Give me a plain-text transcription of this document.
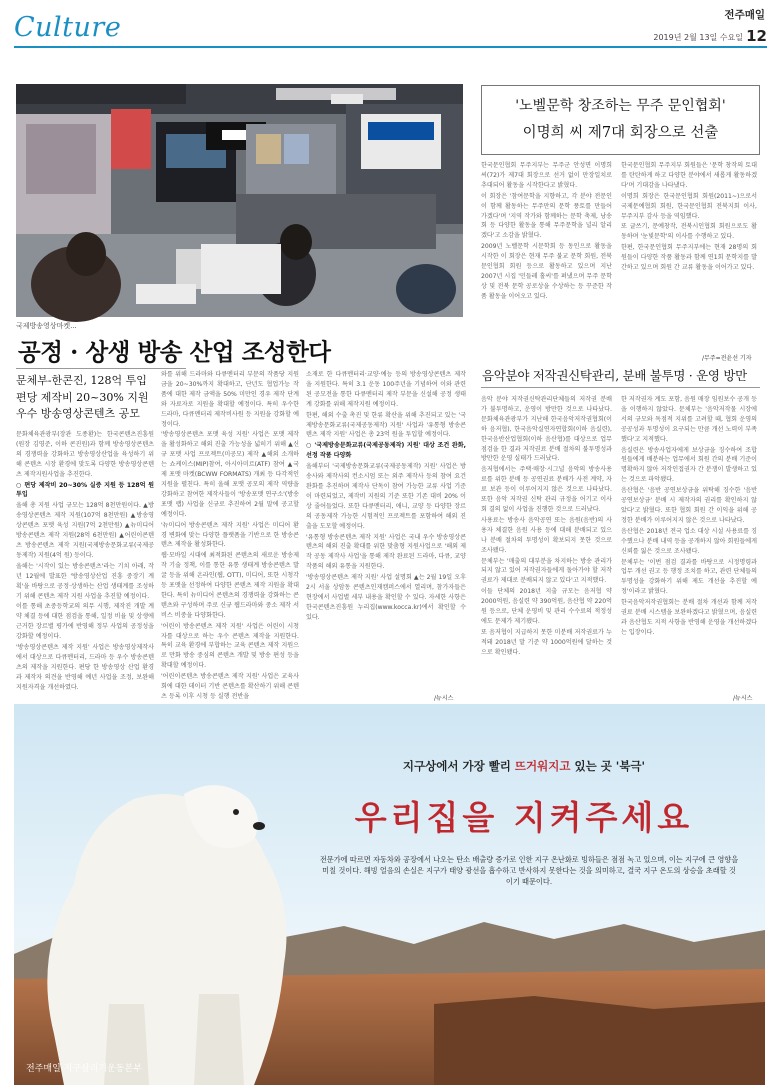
Culture	전주매일
2019년 2월 13일 수요일 12
국제방송영상마켓...
공정 · 상생 방송 산업 조성한다
문체부-한콘진, 128억 투입
편당 제작비 20~30% 지원
우수 방송영상콘텐츠 공모

문화체육관광부(장관 도종환)는 한국콘텐츠진흥원(원장 김영준, 이하 콘진원)과 함께 방송영상콘텐츠의 경쟁력을 강화하고 방송영상산업을 육성하기 위해 콘텐츠 시장 환경에 맞도록 다양한 방송영상콘텐츠 제작지원사업을 추진한다.

○ 편당 제작비 20~30% 실증 지원 등 128억 원 투입

올해 총 지원 사업 규모는 128억 8천만원이다. ▲방송영상콘텐츠 제작 지원(107억 8천만원) ▲방송영상콘텐츠 포맷 육성 지원(7억 2천만원) ▲뉴미디어 방송콘텐츠 제작 지원(28억 6천만원) ▲어린이콘텐츠 방송콘텐츠 제작 지원(국제방송문화교류(국제공동제작) 지원(4억 원) 등이다.

올해는 '시작이 있는 방송콘텐츠'라는 기치 아래, 작년 12월에 발표한 '방송영상산업 진흥 중장기 계획'을 바탕으로 공정·상생하는 산업 생태계를 조성하기 위해 콘텐츠 제작 지원 사업을 추진할 예정이다.

이를 통해 초중등학교의 의무 시행, 제작진 개발 계약 체결 등에 대한 점검을 통해, 일정 비율 및 상생에 근거한 장르별 평가에 반영해 정부 사업의 공정성을 강화할 예정이다.

'방송영상콘텐츠 제작 지원' 사업은 방송영상제작사에서 대상으로 다큐멘터리, 드라마 등 우수 방송콘텐츠의 제작을 지원한다. 편당 한 방송영상 산업 환경과 제작자 의견을 반영해 예년 사업을 조정, 보완해 지원자격을 개선하였다.

와를 위해 드라마와 다큐멘터리 부문의 작품당 지원금을 20~30%까지 확대하고, 단년도 협업가능 작품에 대한 제작 금액을 50% 미만인 경우 제작 단계와 자료자로 지원을 확대할 예정이다. 특히 우수한 드라마, 다큐멘터리 제작비사원 등 지원을 강화할 예정이다.

'방송영상콘텐츠 포맷 육성 지원' 사업은 포맷 제작을 활성화하고 해외 진출 가능성을 넓히기 위해 ▲신규 포맷 사업 프로젝트(미공모) 제작 ▲해외 소개하는 쇼케이스(MIP)참여, 아시아미르(ATF) 참여 ▲국제 포맷 마켓(BCWW FORMATS) 개최 등 다각적인 지원을 펼친다. 특히 올해 포맷 공모의 제작 역량을 강화하고 참여한 제작사들이 '방송포맷 연구소'(방송 포맷 랩) 사업을 신규로 추진하여 2월 말에 공고할 예정이다.

'뉴미디어 방송콘텐츠 제작 지원' 사업은 미디어 환경 변화에 맞는 다양한 플랫폼을 기반으로 한 방송콘텐츠 제작을 활성화한다.

웹·모바일 시대에 최적화된 콘텐츠의 새로운 방송제작 기술 정책, 이를 통한 유통 생태계 방송콘텐츠 발굴 등을 위해 온라인(웹, OTT), 미디어, 또한 시청각 등 포맷을 선정하여 다양한 콘텐츠 제작 지원을 확대한다. 특히 뉴미디어 콘텐츠의 경쟁력을 강화하는 콘텐츠와 구성하며 주로 신규 웹드라마와 중소 제작 서비스 비중을 다양화한다.

'어린이 방송콘텐츠 제작 지원' 사업은 어린이 시청자를 대상으로 하는 우수 콘텐츠 제작을 지원한다. 특히 교육 환경에 부합하는 교육 콘텐츠 제작 지원으로 만화 방송 중심의 콘텐츠 개발 및 방송 편성 등을 확대할 예정이다.

'어린이콘텐츠 방송콘텐츠 제작 지원' 사업은 교육사회에 대한 데이터 기반 콘텐츠를 확산하기 위해 콘텐츠 등록 이후 시청 등 실행 전반을

소재로 한 다큐멘터리·교양·예능 등의 방송영상콘텐츠 제작을 지원한다. 특히 3.1 운동 100주년을 기념하여 이와 관련된 공모전을 통한 다큐멘터리 제작 부문을 신설해 공정 생태계 강화를 위해 제작지원 예정이다.

한편, 해외 수출 촉진 및 한류 확산을 위해 추진되고 있는 '국제방송문화교류(국제공동제작) 지원' 사업과 '유통형 방송콘텐츠 제작 지원' 사업은 총 23억 원을 투입할 예정이다.

○ '국제방송문화교류(국제공동제작) 지원' 대상 조건 완화, 선정 작품 다양화

올해부터 '국제방송문화교류(국제공동제작) 지원' 사업은 방송사와 제작사의 컨소시엄 또는 외주 제작사 등의 참여 요건 완화를 추진하며 제작사 단독이 참여 가능한 교류 사업 기준이 마련되었고, 제작비 지원의 기준 또한 기존 대비 20% 이상 줄어들었다. 또한 다큐멘터리, 애니, 교양 등 다양한 장르의 공동제작 가능한 시험적인 프로젝트를 포함하여 해외 진출을 도모할 예정이다.

'유통형 방송콘텐츠 제작 지원' 사업은 국내 우수 방송영상콘텐츠의 해외 진출 확대를 위한 맞춤형 지원사업으로 '해외 제작 공동 제작사 사업'을 통해 제작 완료된 드라마, 다큐, 교양 작품의 해외 유통을 지원한다.

'방송영상콘텐츠 제작 지원' 사업 설명회 ▲는 2월 19일 오후 2시 서울 상암동 콘텐츠인재캠퍼스에서 열리며, 참가자들은 현장에서 사업별 세부 내용을 확인할 수 있다. 자세한 사항은 한국콘텐츠진흥원 누리집(www.kocca.kr)에서 확인할 수 있다.

/뉴시스
'노벨문학 창조하는 무주 문인협회'
이명희 씨 제7대 회장으로 선출

한국문인협회 무주지부는 무주군 안성면 이명희 씨(72)가 제7대 회장으로 선거 없이 만장일치로 추대되어 활동을 시작한다고 밝혔다.

이 회장은 '참여문학을 지향하고, 각 분야 전문인이 함께 활동하는 무주만의 문학 풍토를 만들어 가겠다'며 '지역 작가와 함께하는 문학 축제, 낭송회 등 다양한 활동을 통해 무주문학을 널리 알리겠다'고 소감을 밝혔다.

2009년 노벨문학 시문학회 등 동인으로 활동을 시작한 이 회장은 현재 무주 불교 문학 회원, 전북문인협회 회원 등으로 활동하고 있으며 지난 2007년 시집 '민들레 홀씨'를 펴냈으며 무주 문학상 및 전북 문학 공로상을 수상하는 등 꾸준한 작품 활동을 이어오고 있다.

한국문인협회 무주지부 회원들은 '문학 창작의 토대를 탄탄하게 하고 다양한 분야에서 새롭게 활동하겠다'며 기대감을 나타냈다.

이명희 회장은 한국문인협회 회원(2011~)으로서 국제문예협회 회원, 한국문인협회 전북지회 이사, 무주지부 감사 등을 역임했다.

또 글쓰기, 문예창작, 전북시인협회 회원으로도 활동하며 '눈빛문학'의 이사를 수행하고 있다.

한편, 한국문인협회 무주지부에는 현재 28명의 회원들이 다양한 작품 활동과 함께 연1회 문학지를 발간하고 있으며 회원 간 교류 활동을 이어가고 있다.

/무주=전윤선 기자
음악분야 저작권신탁관리, 분배 불투명 · 운영 방만

음악 분야 저작권신탁관리단체들의 저작권 분배가 불투명하고, 운영이 방만한 것으로 나타났다. 문화체육관광부가 지난해 한국음악저작권협회(이하 음저협), 한국음악실연자연합회(이하 음실련), 한국음반산업협회(이하 음산협)를 대상으로 업무 점검을 한 결과 저작권료 분배 절차의 불투명성과 방만한 운영 실태가 드러났다.

음저협에서는 주택·매장·시그널 음악의 방송사용료를 위한 분배 등 공연권료 분배가 사전 계약, 자료 보관 등이 이루어지지 않은 것으로 나타났다. 또한 음악 저작권 신탁 관리 규정을 어기고 이사회 결의 없이 사업을 진행한 것으로 드러났다.

사용료는 방송사 음악공연 또는 음원(음반)의 사용자 체결한 음원 사용 등에 대해 분배되고 있으나 분배 절차의 투명성이 확보되지 못한 것으로 조사됐다.

문체부는 '매출의 대부분을 차지하는 방송 관리가 되지 않고 있어 저작권자들에게 돌아가야 할 저작권료가 제대로 분배되지 않고 있다'고 지적했다.

이들 단체의 2018년 지출 규모는 음저협 약 2000억원, 음실련 약 390억원, 음산협 약 220억원 등으로, 단체 운영비 및 관리 수수료의 적정성에도 문제가 제기됐다.

또 음저협이 지급하지 못한 미분배 저작권료가 누적돼 2018년 말 기준 약 1000억원에 달하는 것으로 확인됐다.

한 저작권자 계도 포함, 음원 매장 임원보수 공개 등을 이행하지 않았다. 문체부는 '음악저작물 시장에서의 규모와 독점적 지위를 고려할 때, 협회 운영의 공공성과 투명성이 요구되는 만큼 개선 노력이 부족했다'고 지적했다.

음실련은 방송사업자에게 보상금을 징수하여 조합원들에게 배분하는 업무에서 회원 간의 분배 기준이 명확하지 않아 저작인접권자 간 분쟁이 발생하고 있는 것으로 파악됐다.

음산협은 '음반 공연보상금을 위탁해 징수한 '음반 공연보상금' 분배 시 제작자의 권리를 확인하지 않았다'고 밝혔다. 또한 협회 회원 간 이익을 위해 공정한 분배가 이루어지지 않은 것으로 나타났다.

음산협은 2018년 전국 업소 대상 시설 사용료를 징수했으나 분배 내역 등을 공개하지 않아 회원들에게 신뢰를 잃은 것으로 조사됐다.

문체부는 '이번 점검 결과를 바탕으로 시정명령과 업무 개선 권고 등 행정 조치를 하고, 관련 단체들의 투명성을 강화하기 위해 제도 개선을 추진할 예정'이라고 밝혔다.

한국음악저작권협회는 분배 절차 개선과 함께 저작권료 분배 시스템을 보완하겠다고 밝혔으며, 음실련과 음산협도 지적 사항을 반영해 운영을 개선하겠다는 입장이다.

/뉴시스
지구상에서 가장 빨리 뜨거워지고 있는 곳 '북극'
우리집을 지켜주세요
전문가에 따르면 자동차와 공장에서 나오는 탄소 배출량 증가로 인한 지구 온난화로 빙하들은 점점 녹고 있으며, 이는 지구에 큰 영향을 미칠 것이다. 해빙 얼음의 손실은 지구가 태양 광선을 흡수하고 반사하지 못한다는 것을 의미하고, 결국 지구 온도의 상승을 초래할 것이기 때문이다.
전주매일·지구살리기운동본부
